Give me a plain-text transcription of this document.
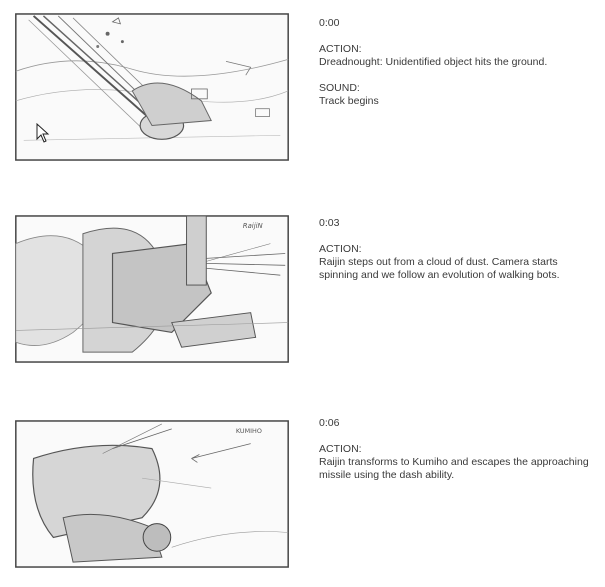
0:00
ACTION:
Dreadnought: Unidentified object hits the ground.
SOUND:
Track begins
RaijiN	0:03
ACTION:
Raijin steps out from a cloud of dust. Camera starts spinning and we follow an evolution of walking bots.
KUMIHO
0:06
ACTION:
Raijin transforms to Kumiho and escapes the approaching missile using the dash ability.
